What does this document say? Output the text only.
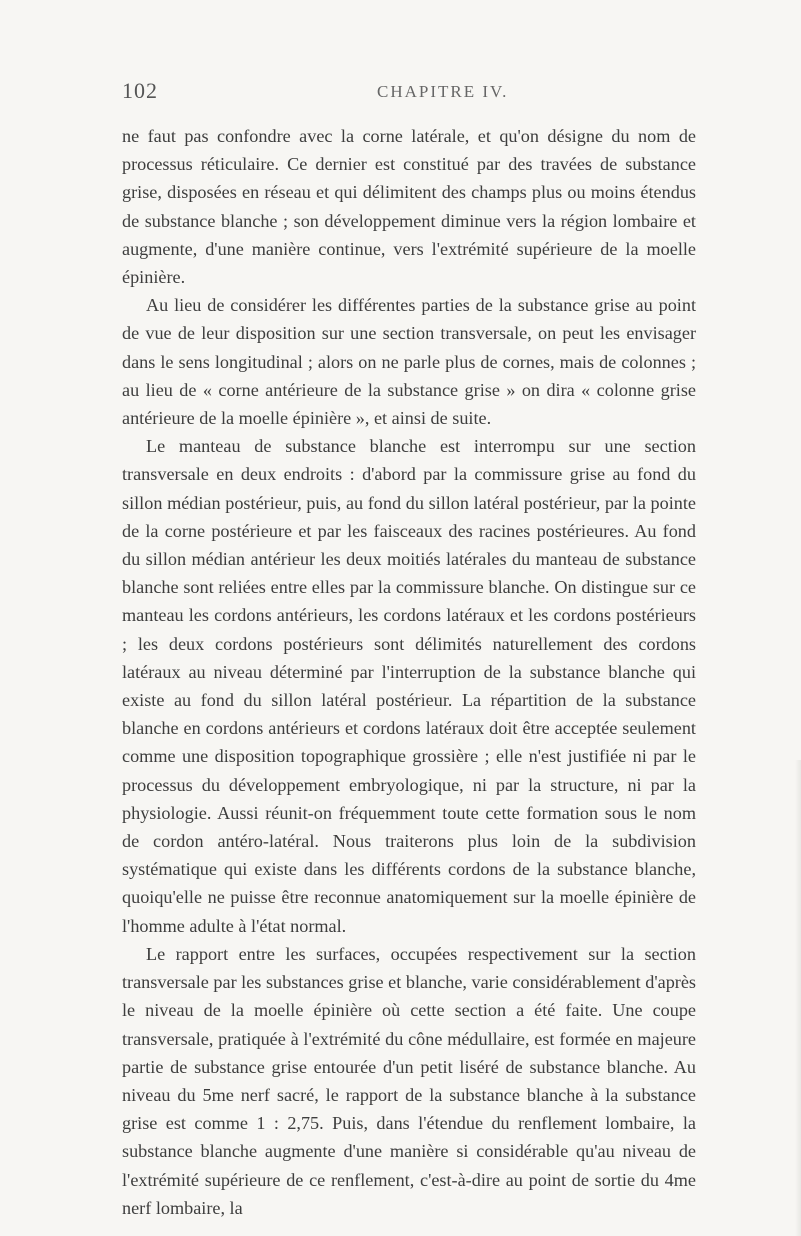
102	CHAPITRE IV.

ne faut pas confondre avec la corne latérale, et qu'on désigne du nom de processus réticulaire. Ce dernier est constitué par des travées de substance grise, disposées en réseau et qui délimitent des champs plus ou moins étendus de substance blanche ; son développement diminue vers la région lombaire et augmente, d'une manière continue, vers l'extrémité supérieure de la moelle épinière.

Au lieu de considérer les différentes parties de la substance grise au point de vue de leur disposition sur une section transversale, on peut les envisager dans le sens longitudinal ; alors on ne parle plus de cornes, mais de colonnes ; au lieu de « corne antérieure de la substance grise » on dira « colonne grise antérieure de la moelle épinière », et ainsi de suite.

Le manteau de substance blanche est interrompu sur une section transversale en deux endroits : d'abord par la commissure grise au fond du sillon médian postérieur, puis, au fond du sillon latéral postérieur, par la pointe de la corne postérieure et par les faisceaux des racines postérieures. Au fond du sillon médian antérieur les deux moitiés latérales du manteau de substance blanche sont reliées entre elles par la commissure blanche. On distingue sur ce manteau les cordons antérieurs, les cordons latéraux et les cordons postérieurs ; les deux cordons postérieurs sont délimités naturellement des cordons latéraux au niveau déterminé par l'interruption de la substance blanche qui existe au fond du sillon latéral postérieur. La répartition de la substance blanche en cordons antérieurs et cordons latéraux doit être acceptée seulement comme une disposition topographique grossière ; elle n'est justifiée ni par le processus du développement embryologique, ni par la structure, ni par la physiologie. Aussi réunit-on fréquemment toute cette formation sous le nom de cordon antéro-latéral. Nous traiterons plus loin de la subdivision systématique qui existe dans les différents cordons de la substance blanche, quoiqu'elle ne puisse être reconnue anatomiquement sur la moelle épinière de l'homme adulte à l'état normal.

Le rapport entre les surfaces, occupées respectivement sur la section transversale par les substances grise et blanche, varie considérablement d'après le niveau de la moelle épinière où cette section a été faite. Une coupe transversale, pratiquée à l'extrémité du cône médullaire, est formée en majeure partie de substance grise entourée d'un petit liséré de substance blanche. Au niveau du 5me nerf sacré, le rapport de la substance blanche à la substance grise est comme 1 : 2,75. Puis, dans l'étendue du renflement lombaire, la substance blanche augmente d'une manière si considérable qu'au niveau de l'extrémité supérieure de ce renflement, c'est-à-dire au point de sortie du 4me nerf lombaire, la
